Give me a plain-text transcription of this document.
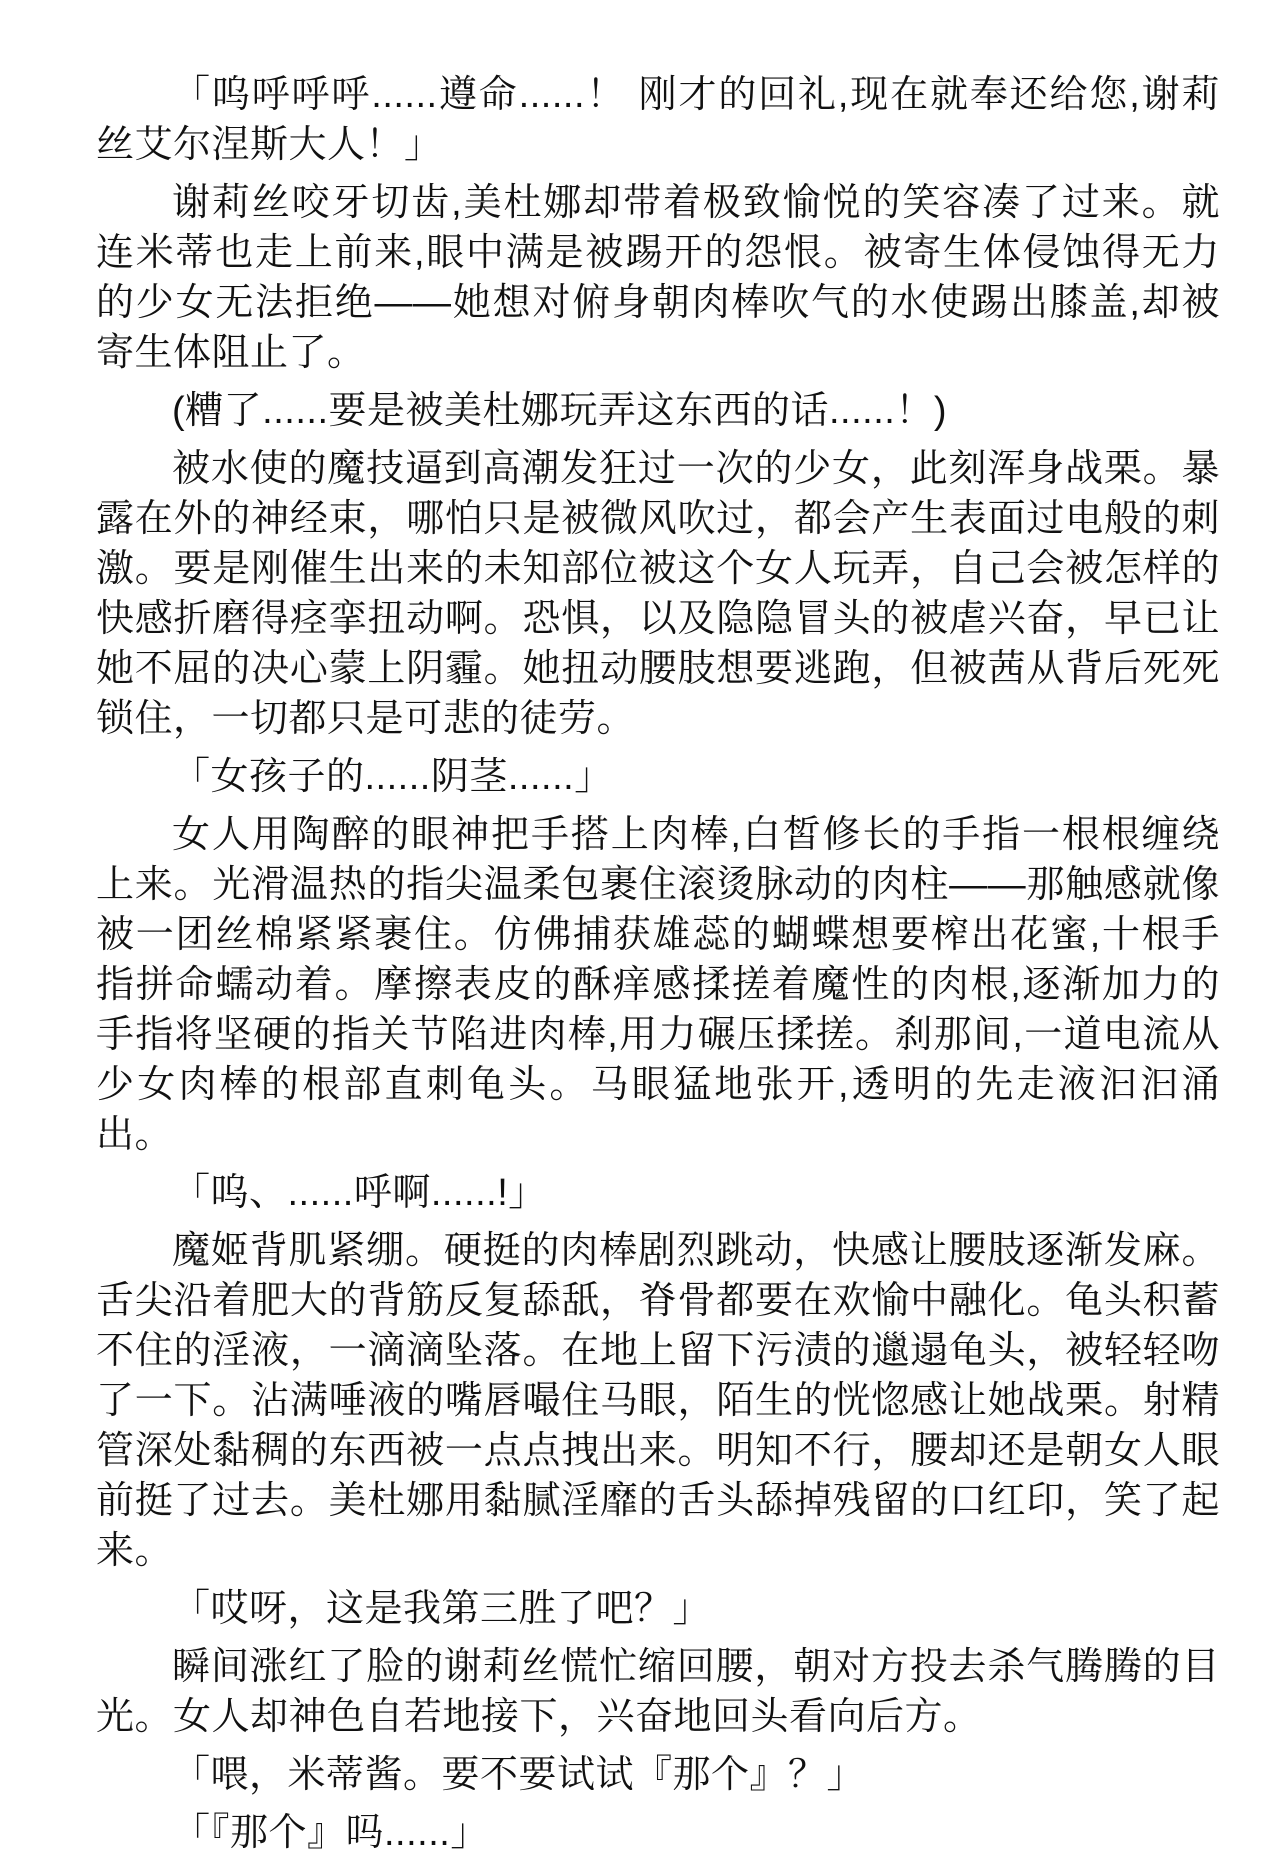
「呜呼呼呼......遵命......！ 刚才的回礼,现在就奉还给您,谢莉丝艾尔涅斯大人！」

谢莉丝咬牙切齿,美杜娜却带着极致愉悦的笑容凑了过来。就连米蒂也走上前来,眼中满是被踢开的怨恨。被寄生体侵蚀得无力的少女无法拒绝——她想对俯身朝肉棒吹气的水使踢出膝盖,却被寄生体阻止了。

(糟了......要是被美杜娜玩弄这东西的话......！)

被水使的魔技逼到高潮发狂过一次的少女，此刻浑身战栗。暴露在外的神经束，哪怕只是被微风吹过，都会产生表面过电般的刺激。要是刚催生出来的未知部位被这个女人玩弄，自己会被怎样的快感折磨得痉挛扭动啊。恐惧，以及隐隐冒头的被虐兴奋，早已让她不屈的决心蒙上阴霾。她扭动腰肢想要逃跑，但被茜从背后死死锁住，一切都只是可悲的徒劳。

「女孩子的......阴茎......」

女人用陶醉的眼神把手搭上肉棒,白皙修长的手指一根根缠绕上来。光滑温热的指尖温柔包裹住滚烫脉动的肉柱——那触感就像被一团丝棉紧紧裹住。仿佛捕获雄蕊的蝴蝶想要榨出花蜜,十根手指拼命蠕动着。摩擦表皮的酥痒感揉搓着魔性的肉根,逐渐加力的手指将坚硬的指关节陷进肉棒,用力碾压揉搓。刹那间,一道电流从少女肉棒的根部直刺龟头。马眼猛地张开,透明的先走液汩汩涌出。

「呜、......呼啊......!」

魔姬背肌紧绷。硬挺的肉棒剧烈跳动，快感让腰肢逐渐发麻。舌尖沿着肥大的背筋反复舔舐，脊骨都要在欢愉中融化。龟头积蓄不住的淫液，一滴滴坠落。在地上留下污渍的邋遢龟头，被轻轻吻了一下。沾满唾液的嘴唇嘬住马眼，陌生的恍惚感让她战栗。射精管深处黏稠的东西被一点点拽出来。明知不行，腰却还是朝女人眼前挺了过去。美杜娜用黏腻淫靡的舌头舔掉残留的口红印，笑了起来。

「哎呀，这是我第三胜了吧？」

瞬间涨红了脸的谢莉丝慌忙缩回腰，朝对方投去杀气腾腾的目光。女人却神色自若地接下，兴奋地回头看向后方。

「喂，米蒂酱。要不要试试『那个』？」

「『那个』吗......」
